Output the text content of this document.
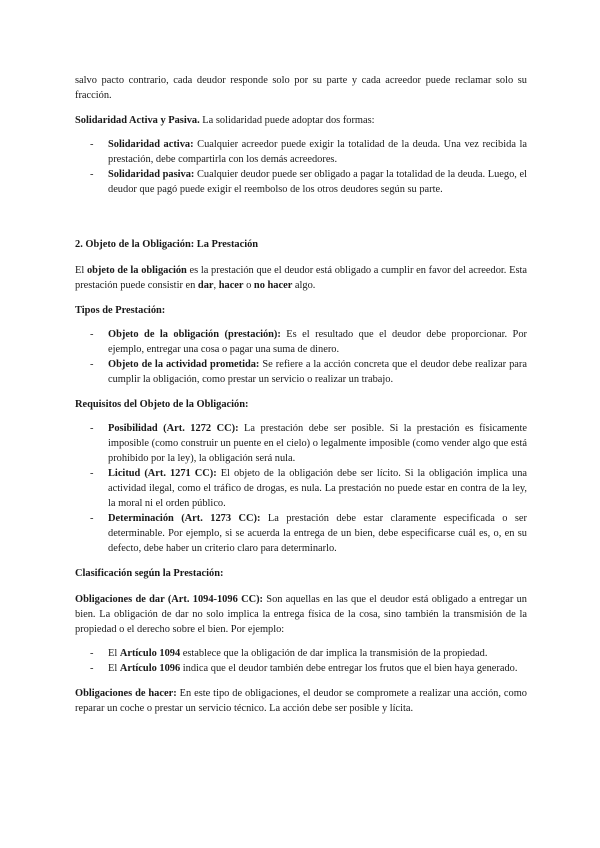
salvo pacto contrario, cada deudor responde solo por su parte y cada acreedor puede reclamar solo su fracción.

Solidaridad Activa y Pasiva. La solidaridad puede adoptar dos formas:

- Solidaridad activa: Cualquier acreedor puede exigir la totalidad de la deuda. Una vez recibida la prestación, debe compartirla con los demás acreedores.
- Solidaridad pasiva: Cualquier deudor puede ser obligado a pagar la totalidad de la deuda. Luego, el deudor que pagó puede exigir el reembolso de los otros deudores según su parte.

2. Objeto de la Obligación: La Prestación

El objeto de la obligación es la prestación que el deudor está obligado a cumplir en favor del acreedor. Esta prestación puede consistir en dar, hacer o no hacer algo.

Tipos de Prestación:

- Objeto de la obligación (prestación): Es el resultado que el deudor debe proporcionar. Por ejemplo, entregar una cosa o pagar una suma de dinero.
- Objeto de la actividad prometida: Se refiere a la acción concreta que el deudor debe realizar para cumplir la obligación, como prestar un servicio o realizar un trabajo.

Requisitos del Objeto de la Obligación:

- Posibilidad (Art. 1272 CC): La prestación debe ser posible. Si la prestación es físicamente imposible (como construir un puente en el cielo) o legalmente imposible (como vender algo que está prohibido por la ley), la obligación será nula.
- Licitud (Art. 1271 CC): El objeto de la obligación debe ser lícito. Si la obligación implica una actividad ilegal, como el tráfico de drogas, es nula. La prestación no puede estar en contra de la ley, la moral ni el orden público.
- Determinación (Art. 1273 CC): La prestación debe estar claramente especificada o ser determinable. Por ejemplo, si se acuerda la entrega de un bien, debe especificarse cuál es, o, en su defecto, debe haber un criterio claro para determinarlo.

Clasificación según la Prestación:

Obligaciones de dar (Art. 1094-1096 CC): Son aquellas en las que el deudor está obligado a entregar un bien. La obligación de dar no solo implica la entrega física de la cosa, sino también la transmisión de la propiedad o el derecho sobre el bien. Por ejemplo:

- El Artículo 1094 establece que la obligación de dar implica la transmisión de la propiedad.
- El Artículo 1096 indica que el deudor también debe entregar los frutos que el bien haya generado.

Obligaciones de hacer: En este tipo de obligaciones, el deudor se compromete a realizar una acción, como reparar un coche o prestar un servicio técnico. La acción debe ser posible y lícita.
